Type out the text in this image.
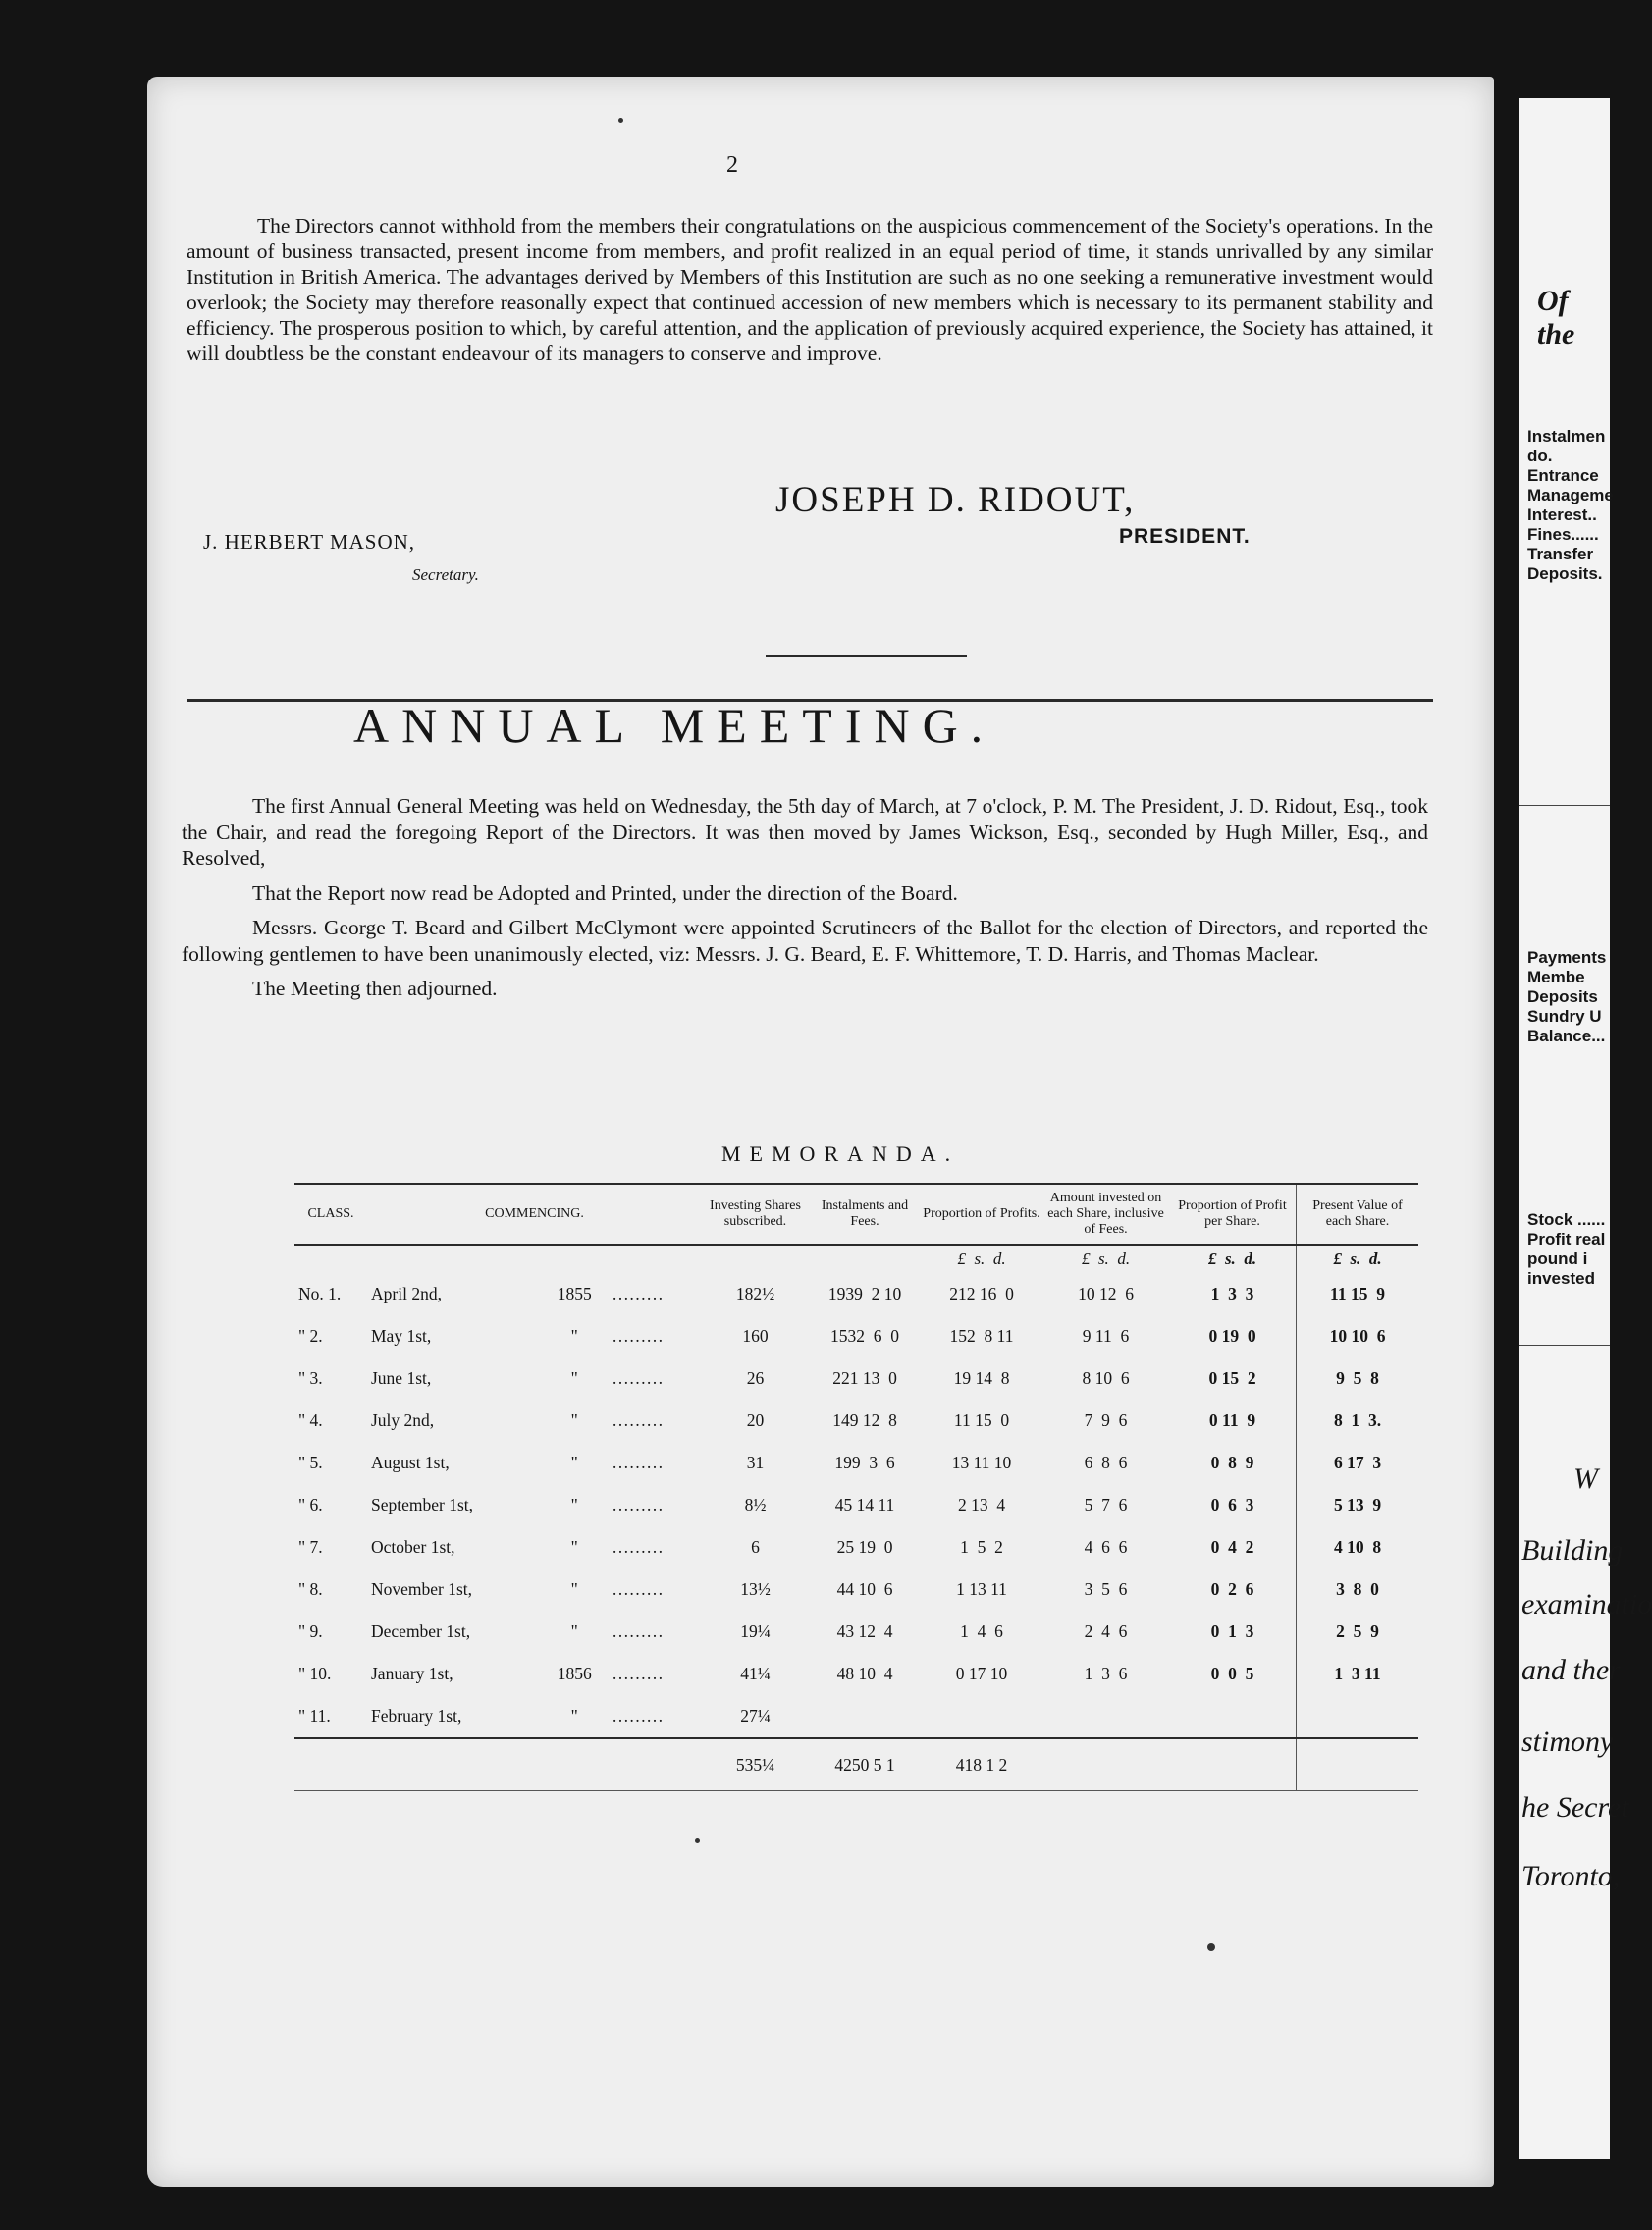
2

The Directors cannot withhold from the members their congratulations on the auspicious commencement of the Society's operations. In the amount of business transacted, present income from members, and profit realized in an equal period of time, it stands unrivalled by any similar Institution in British America. The advantages derived by Members of this Institution are such as no one seeking a remunerative investment would overlook; the Society may therefore reasonally expect that continued accession of new members which is necessary to its permanent stability and efficiency. The prosperous position to which, by careful attention, and the application of previously acquired experience, the Society has attained, it will doubtless be the constant endeavour of its managers to conserve and improve.

JOSEPH D. RIDOUT,
PRESIDENT.
J. HERBERT MASON,
Secretary.
ANNUAL MEETING.

The first Annual General Meeting was held on Wednesday, the 5th day of March, at 7 o'clock, P. M. The President, J. D. Ridout, Esq., took the Chair, and read the foregoing Report of the Directors. It was then moved by James Wickson, Esq., seconded by Hugh Miller, Esq., and Resolved,

That the Report now read be Adopted and Printed, under the direction of the Board.

Messrs. George T. Beard and Gilbert McClymont were appointed Scrutineers of the Ballot for the election of Directors, and reported the following gentlemen to have been unanimously elected, viz: Messrs. J. G. Beard, E. F. Whittemore, T. D. Harris, and Thomas Maclear.

The Meeting then adjourned.

MEMORANDA.
CLASS.	COMMENCING.			Investing Shares subscribed.	Instalments and Fees.	Proportion of Profits.	Amount invested on each Share, inclusive of Fees.	Proportion of Profit per Share.	Present Value of each Share.
						£ s. d.	£ s. d.	£ s. d.	£ s. d.
No. 1.	April 2nd,	1855	………	182½	1939  2 10	212 16  0	10 12  6	1  3  3	11 15  9
" 2.	May 1st,	"	………	160	1532  6  0	152  8 11	9 11  6	0 19  0	10 10  6
" 3.	June 1st,	"	………	26	221 13  0	19 14  8	8 10  6	0 15  2	9  5  8
" 4.	July 2nd,	"	………	20	149 12  8	11 15  0	7  9  6	0 11  9	8  1  3.
" 5.	August 1st,	"	………	31	199  3  6	13 11 10	6  8  6	0  8  9	6 17  3
" 6.	September 1st,	"	………	8½	45 14 11	2 13  4	5  7  6	0  6  3	5 13  9
" 7.	October 1st,	"	………	6	25 19  0	1  5  2	4  6  6	0  4  2	4 10  8
" 8.	November 1st,	"	………	13½	44 10  6	1 13 11	3  5  6	0  2  6	3  8  0
" 9.	December 1st,	"	………	19¼	43 12  4	1  4  6	2  4  6	0  1  3	2  5  9
" 10.	January 1st,	1856	………	41¼	48 10  4	0 17 10	1  3  6	0  0  5	1  3 11
" 11.	February 1st,	"	………	27¼					
				535¼	4250 5 1	418 1 2			
Of the
Instalmen
do.
Entrance
Manageme
Interest..
Fines......
Transfer
Deposits.
Payments
Membe
Deposits
Sundry U
Balance...
Stock ......
Profit real
pound i
invested
W
Building
examinatio
and ther
stimony
he Secret
Toronto,
